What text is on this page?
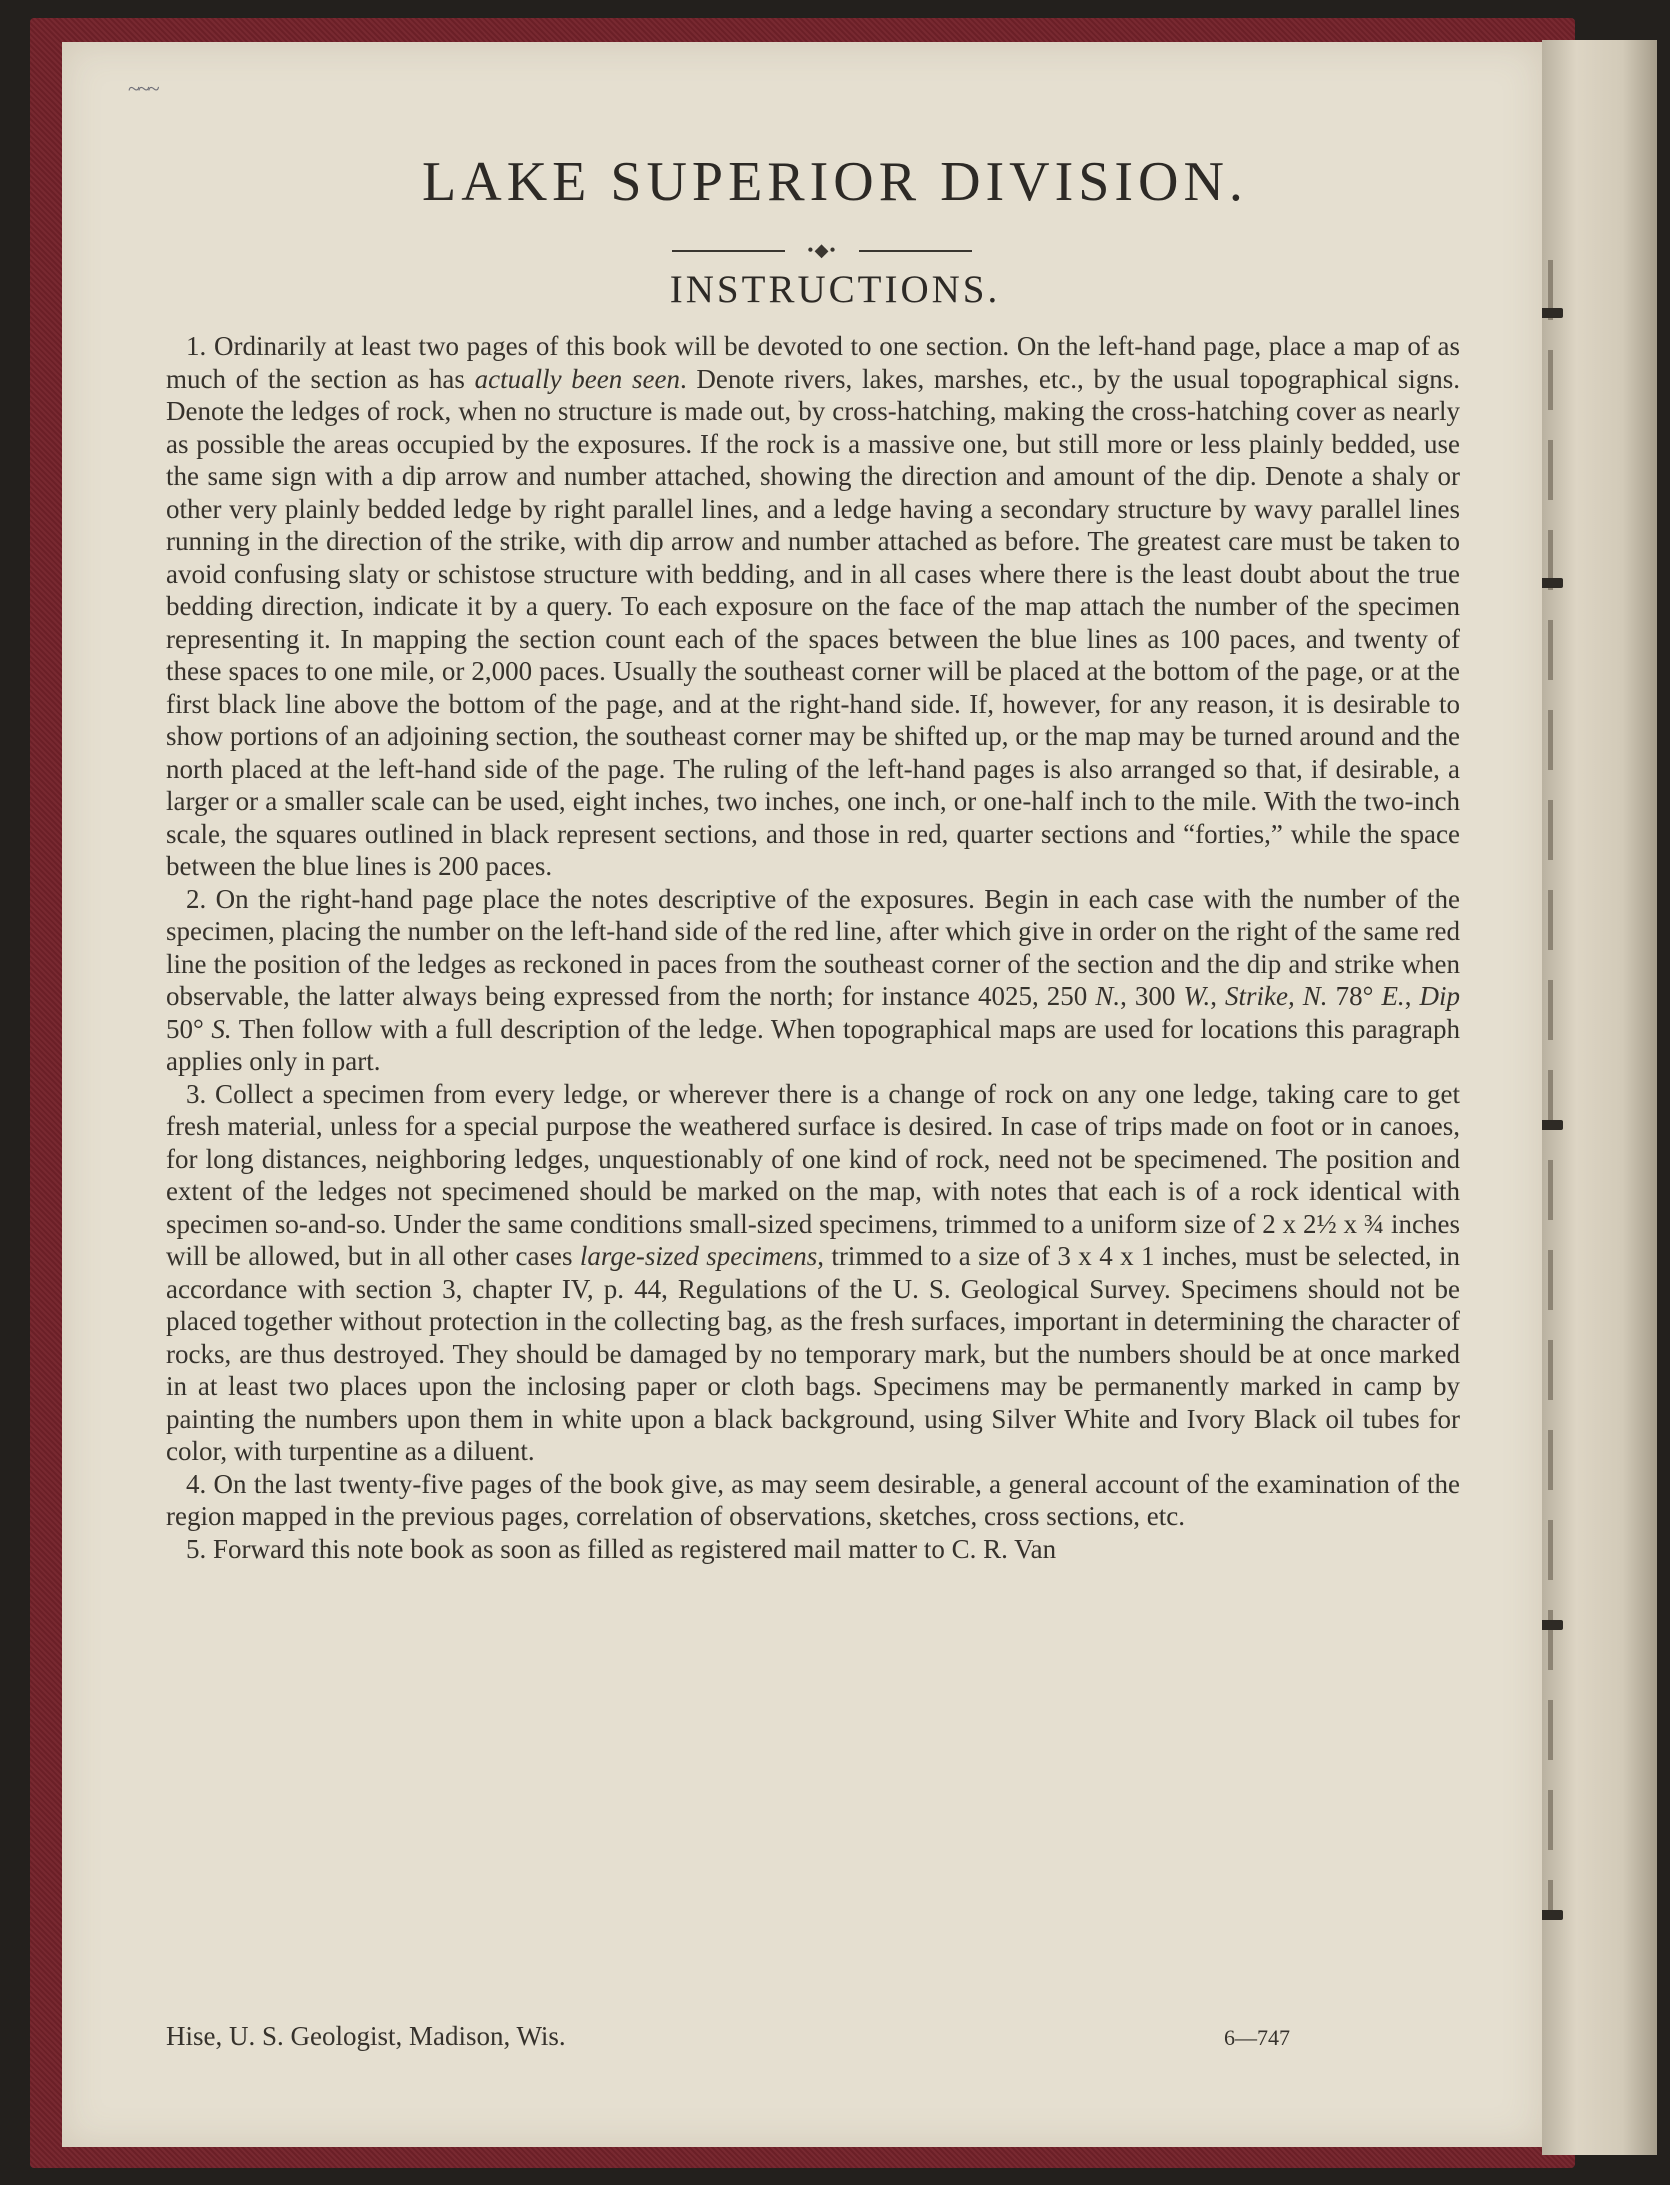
~~~
LAKE SUPERIOR DIVISION.
•◆•
INSTRUCTIONS.

1. Ordinarily at least two pages of this book will be devoted to one section. On the left-hand page, place a map of as much of the section as has actually been seen. Denote rivers, lakes, marshes, etc., by the usual topographical signs. Denote the ledges of rock, when no structure is made out, by cross-hatching, making the cross-hatching cover as nearly as possible the areas occupied by the exposures. If the rock is a massive one, but still more or less plainly bedded, use the same sign with a dip arrow and number attached, showing the direction and amount of the dip. Denote a shaly or other very plainly bedded ledge by right parallel lines, and a ledge having a secondary structure by wavy parallel lines running in the direction of the strike, with dip arrow and number attached as before. The greatest care must be taken to avoid confusing slaty or schistose structure with bedding, and in all cases where there is the least doubt about the true bedding direction, indicate it by a query. To each exposure on the face of the map attach the number of the specimen representing it. In mapping the section count each of the spaces between the blue lines as 100 paces, and twenty of these spaces to one mile, or 2,000 paces. Usually the southeast corner will be placed at the bottom of the page, or at the first black line above the bottom of the page, and at the right-hand side. If, however, for any reason, it is desirable to show portions of an adjoining section, the southeast corner may be shifted up, or the map may be turned around and the north placed at the left-hand side of the page. The ruling of the left-hand pages is also arranged so that, if desirable, a larger or a smaller scale can be used, eight inches, two inches, one inch, or one-half inch to the mile. With the two-inch scale, the squares outlined in black represent sections, and those in red, quarter sections and “forties,” while the space between the blue lines is 200 paces.

2. On the right-hand page place the notes descriptive of the exposures. Begin in each case with the number of the specimen, placing the number on the left-hand side of the red line, after which give in order on the right of the same red line the position of the ledges as reckoned in paces from the southeast corner of the section and the dip and strike when observable, the latter always being expressed from the north; for instance 4025, 250 N., 300 W., Strike, N. 78° E., Dip 50° S. Then follow with a full description of the ledge. When topographical maps are used for locations this paragraph applies only in part.

3. Collect a specimen from every ledge, or wherever there is a change of rock on any one ledge, taking care to get fresh material, unless for a special purpose the weathered surface is desired. In case of trips made on foot or in canoes, for long distances, neighboring ledges, unquestionably of one kind of rock, need not be specimened. The position and extent of the ledges not specimened should be marked on the map, with notes that each is of a rock identical with specimen so-and-so. Under the same conditions small-sized specimens, trimmed to a uniform size of 2 x 2½ x ¾ inches will be allowed, but in all other cases large-sized specimens, trimmed to a size of 3 x 4 x 1 inches, must be selected, in accordance with section 3, chapter IV, p. 44, Regulations of the U. S. Geological Survey. Specimens should not be placed together without protection in the collecting bag, as the fresh surfaces, important in determining the character of rocks, are thus destroyed. They should be damaged by no temporary mark, but the numbers should be at once marked in at least two places upon the inclosing paper or cloth bags. Specimens may be permanently marked in camp by painting the numbers upon them in white upon a black background, using Silver White and Ivory Black oil tubes for color, with turpentine as a diluent.

4. On the last twenty-five pages of the book give, as may seem desirable, a general account of the examination of the region mapped in the previous pages, correlation of observations, sketches, cross sections, etc.

5. Forward this note book as soon as filled as registered mail matter to C. R. Van

Hise, U. S. Geologist, Madison, Wis.	6—747
